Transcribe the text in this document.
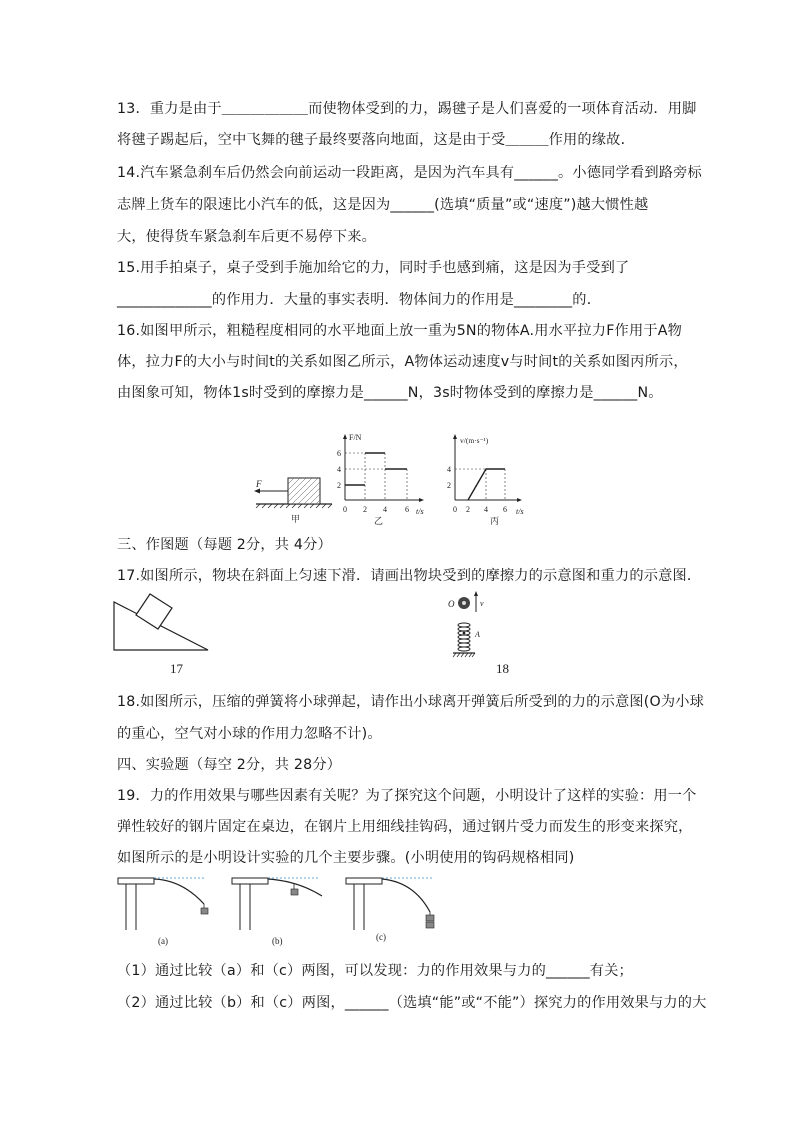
13．重力是由于＿＿＿＿＿＿而使物体受到的力，踢毽子是人们喜爱的一项体育活动．用脚
将毽子踢起后，空中飞舞的毽子最终要落向地面，这是由于受＿＿＿作用的缘故．
14.汽车紧急刹车后仍然会向前运动一段距离，是因为汽车具有______。小德同学看到路旁标
志牌上货车的限速比小汽车的低，这是因为______(选填“质量”或“速度”)越大惯性越
大，使得货车紧急刹车后更不易停下来。
15.用手拍桌子，桌子受到手施加给它的力，同时手也感到痛，这是因为手受到了
_____________的作用力．大量的事实表明．物体间力的作用是________的．
16.如图甲所示，粗糙程度相同的水平地面上放一重为5N的物体A.用水平拉力F作用于A物
体，拉力F的大小与时间t的关系如图乙所示，A物体运动速度v与时间t的关系如图丙所示，
由图象可知，物体1s时受到的摩擦力是______N，3s时物体受到的摩擦力是______N。
F
甲
F/N
t/s
2
4
6
0 2 4 6
乙
v/(m·s⁻¹)
t/s
2
4
0 2 4 6
丙
三、作图题（每题 2分，共 4分）
17.如图所示，物块在斜面上匀速下滑．请画出物块受到的摩擦力的示意图和重力的示意图．
17
O	v
A
18
18.如图所示，压缩的弹簧将小球弹起，请作出小球离开弹簧后所受到的力的示意图(O为小球
的重心，空气对小球的作用力忽略不计)。
四、实验题（每空 2分，共 28分）
19．力的作用效果与哪些因素有关呢？为了探究这个问题，小明设计了这样的实验：用一个
弹性较好的钢片固定在桌边，在钢片上用细线挂钩码，通过钢片受力而发生的形变来探究，
如图所示的是小明设计实验的几个主要步骤。(小明使用的钩码规格相同)
(a)	(b)	(c)
（1）通过比较（a）和（c）两图，可以发现：力的作用效果与力的______有关；
（2）通过比较（b）和（c）两图，______（选填“能”或“不能”）探究力的作用效果与力的大
